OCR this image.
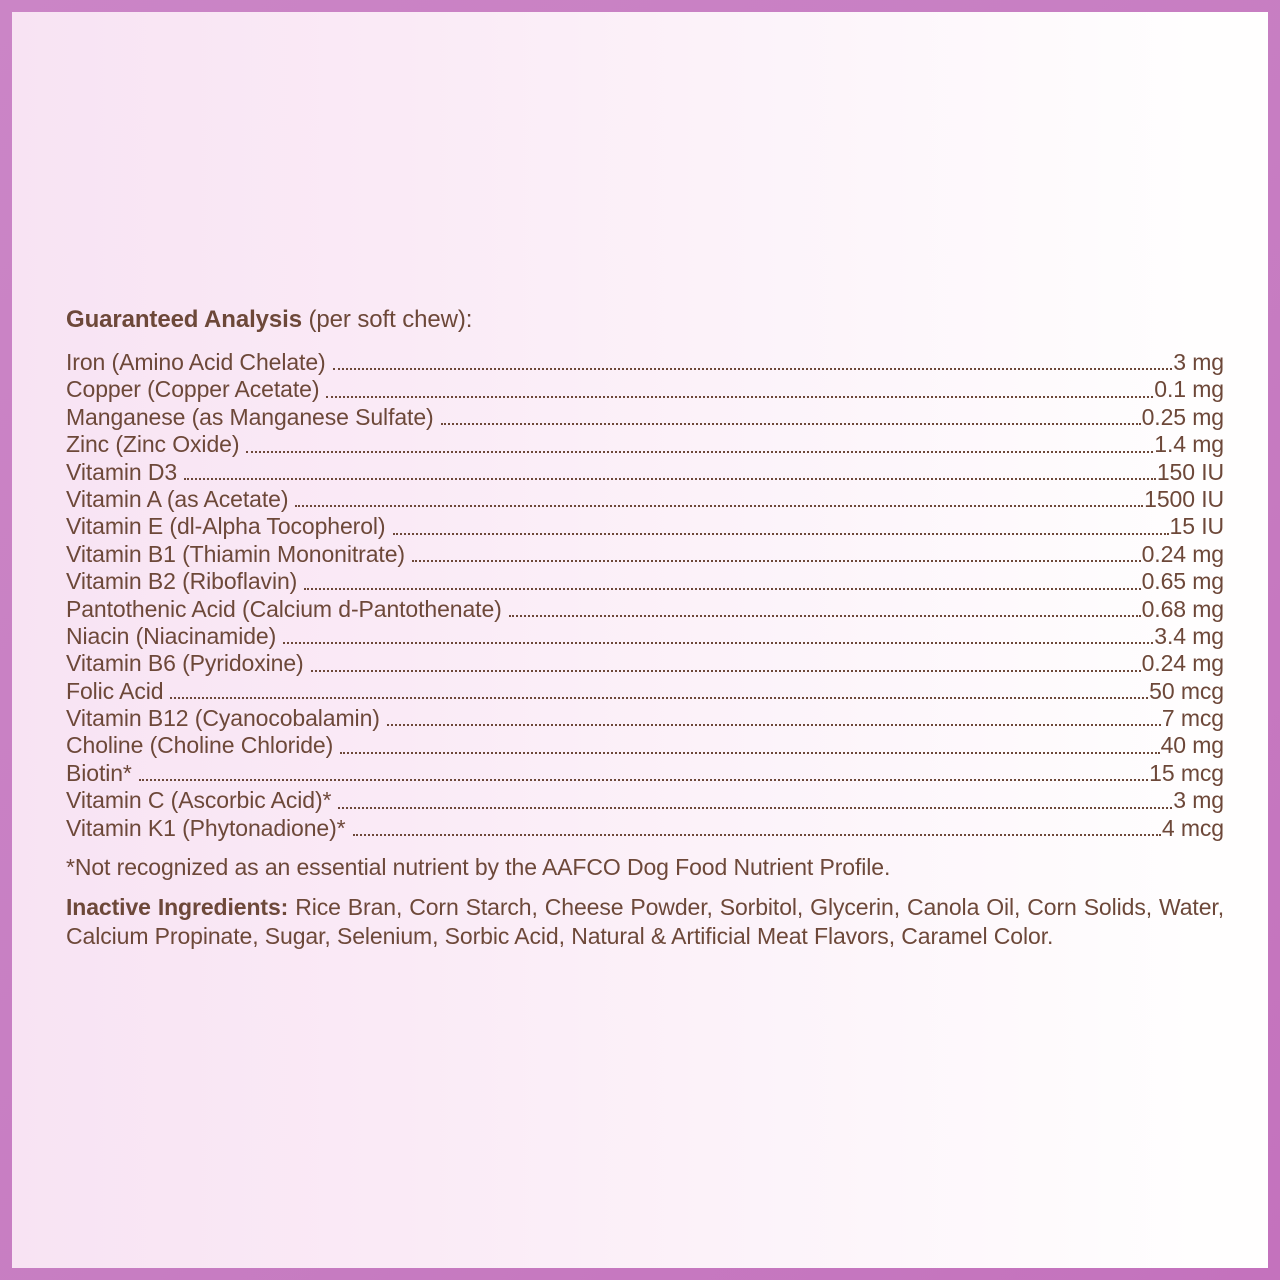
Guaranteed Analysis (per soft chew):
Iron (Amino Acid Chelate)	3 mg
Copper (Copper Acetate)	0.1 mg
Manganese (as Manganese Sulfate)	0.25 mg
Zinc (Zinc Oxide)	1.4 mg
Vitamin D3	150 IU
Vitamin A (as Acetate)	1500 IU
Vitamin E (dl-Alpha Tocopherol)	15 IU
Vitamin B1 (Thiamin Mononitrate)	0.24 mg
Vitamin B2 (Riboflavin)	0.65 mg
Pantothenic Acid (Calcium d-Pantothenate)	0.68 mg
Niacin (Niacinamide)	3.4 mg
Vitamin B6 (Pyridoxine)	0.24 mg
Folic Acid	50 mcg
Vitamin B12 (Cyanocobalamin)	7 mcg
Choline (Choline Chloride)	40 mg
Biotin*	15 mcg
Vitamin C (Ascorbic Acid)*	3 mg
Vitamin K1 (Phytonadione)*	4 mcg
*Not recognized as an essential nutrient by the AAFCO Dog Food Nutrient Profile.
Inactive Ingredients: Rice Bran, Corn Starch, Cheese Powder, Sorbitol, Glycerin, Canola Oil, Corn Solids, Water, Calcium Propinate, Sugar, Selenium, Sorbic Acid, Natural & Artificial Meat Flavors, Caramel Color.
